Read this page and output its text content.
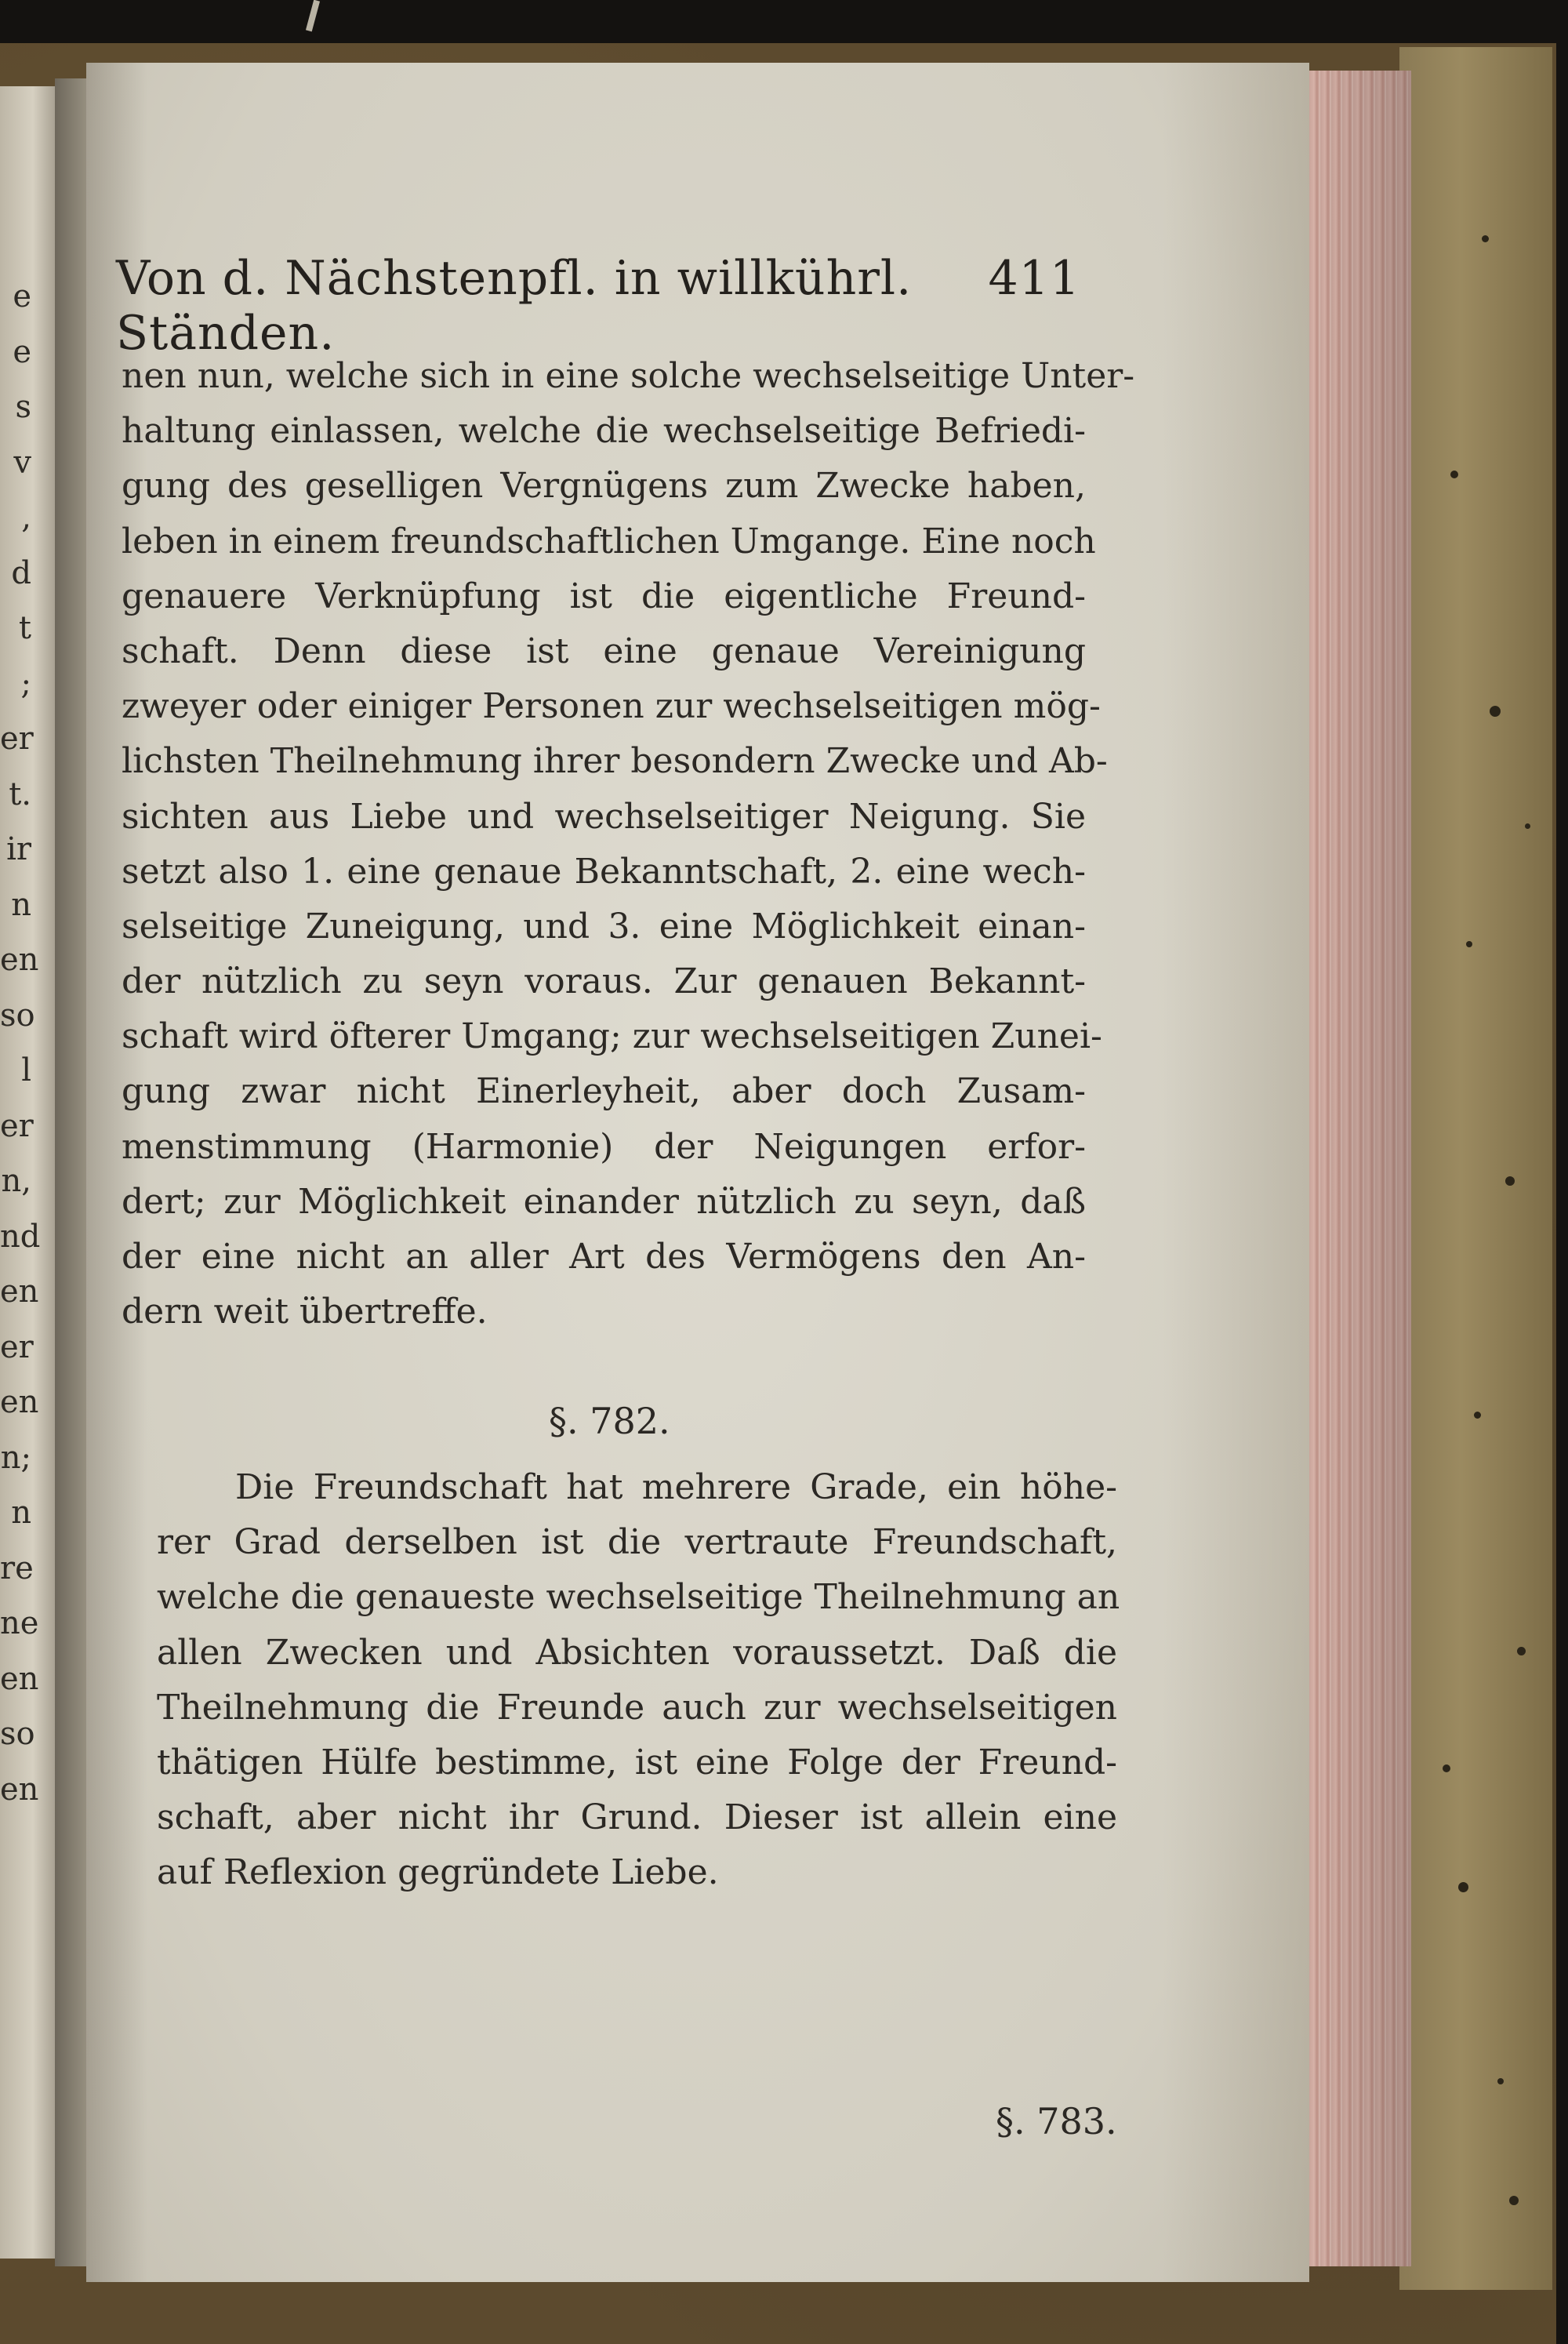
e
e
s
v
,
d
t
;
er
t.
ir
n
en
so
l
er
n,
nd
en
er
en
n;
n
re
ne
en
so
en
Von d. Nächstenpfl. in willkührl. Ständen.
411
nen nun, welche sich in eine solche wechselseitige Unter-
haltung einlassen, welche die wechselseitige Befriedi-
gung des geselligen Vergnügens zum Zwecke haben,
leben in einem freundschaftlichen Umgange. Eine noch
genauere Verknüpfung ist die eigentliche Freund-
schaft. Denn diese ist eine genaue Vereinigung
zweyer oder einiger Personen zur wechselseitigen mög-
lichsten Theilnehmung ihrer besondern Zwecke und Ab-
sichten aus Liebe und wechselseitiger Neigung. Sie
setzt also 1. eine genaue Bekanntschaft, 2. eine wech-
selseitige Zuneigung, und 3. eine Möglichkeit einan-
der nützlich zu seyn voraus. Zur genauen Bekannt-
schaft wird öfterer Umgang; zur wechselseitigen Zunei-
gung zwar nicht Einerleyheit, aber doch Zusam-
menstimmung (Harmonie) der Neigungen erfor-
dert; zur Möglichkeit einander nützlich zu seyn, daß
der eine nicht an aller Art des Vermögens den An-
dern weit übertreffe.
§. 782.
Die Freundschaft hat mehrere Grade, ein höhe-
rer Grad derselben ist die vertraute Freundschaft,
welche die genaueste wechselseitige Theilnehmung an
allen Zwecken und Absichten voraussetzt. Daß die
Theilnehmung die Freunde auch zur wechselseitigen
thätigen Hülfe bestimme, ist eine Folge der Freund-
schaft, aber nicht ihr Grund. Dieser ist allein eine
auf Reflexion gegründete Liebe.
§. 783.
